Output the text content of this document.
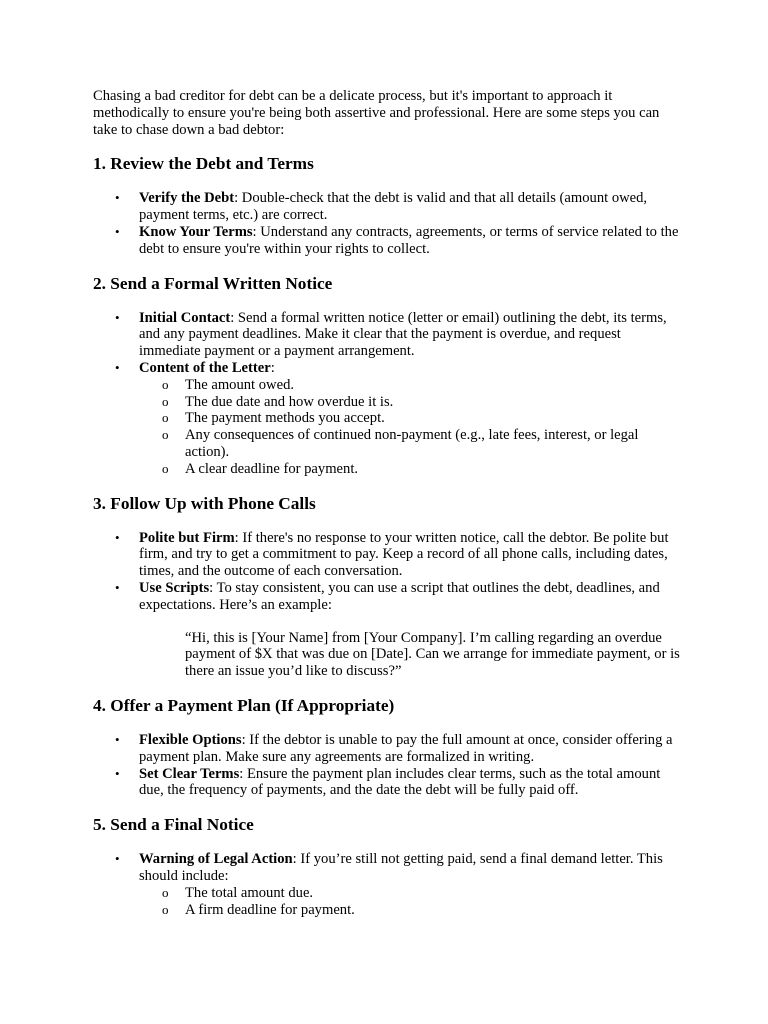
Chasing a bad creditor for debt can be a delicate process, but it's important to approach it methodically to ensure you're being both assertive and professional. Here are some steps you can take to chase down a bad debtor:

1. Review the Debt and Terms
• Verify the Debt: Double-check that the debt is valid and that all details (amount owed, payment terms, etc.) are correct.
• Know Your Terms: Understand any contracts, agreements, or terms of service related to the debt to ensure you're within your rights to collect.
2. Send a Formal Written Notice
• Initial Contact: Send a formal written notice (letter or email) outlining the debt, its terms, and any payment deadlines. Make it clear that the payment is overdue, and request immediate payment or a payment arrangement.
• Content of the Letter:
o The amount owed.
o The due date and how overdue it is.
o The payment methods you accept.
o Any consequences of continued non-payment (e.g., late fees, interest, or legal action).
o A clear deadline for payment.
3. Follow Up with Phone Calls
• Polite but Firm: If there's no response to your written notice, call the debtor. Be polite but firm, and try to get a commitment to pay. Keep a record of all phone calls, including dates, times, and the outcome of each conversation.
• Use Scripts: To stay consistent, you can use a script that outlines the debt, deadlines, and expectations. Here’s an example:

“Hi, this is [Your Name] from [Your Company]. I’m calling regarding an overdue payment of $X that was due on [Date]. Can we arrange for immediate payment, or is there an issue you’d like to discuss?”

4. Offer a Payment Plan (If Appropriate)
• Flexible Options: If the debtor is unable to pay the full amount at once, consider offering a payment plan. Make sure any agreements are formalized in writing.
• Set Clear Terms: Ensure the payment plan includes clear terms, such as the total amount due, the frequency of payments, and the date the debt will be fully paid off.
5. Send a Final Notice
• Warning of Legal Action: If you’re still not getting paid, send a final demand letter. This should include:
o The total amount due.
o A firm deadline for payment.
